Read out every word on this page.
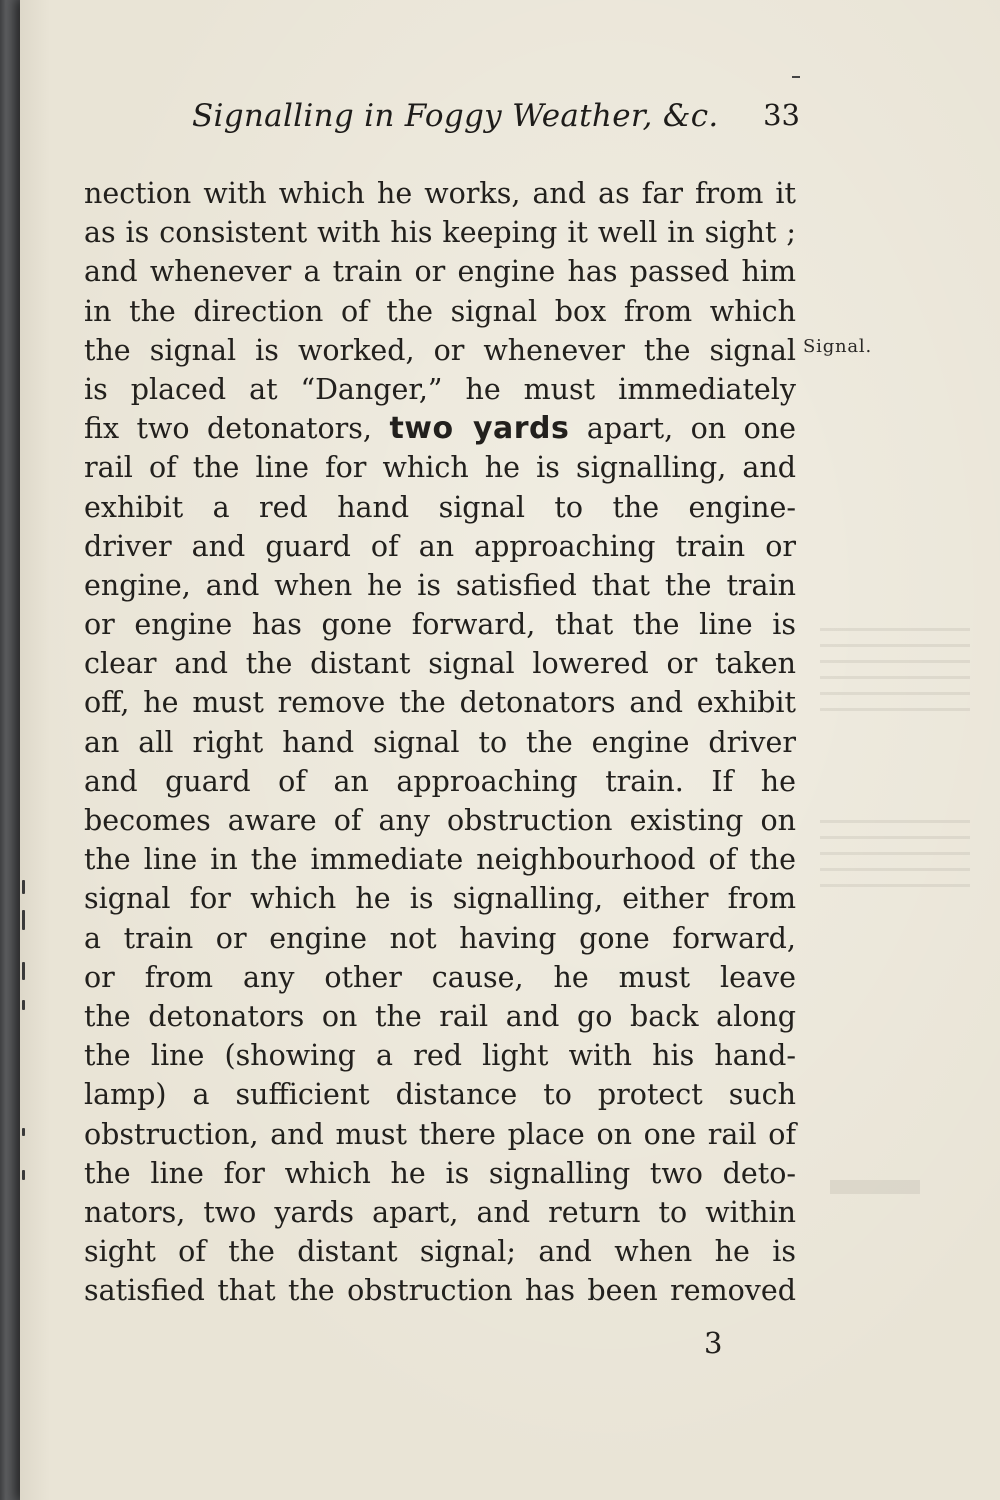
Signalling in Foggy Weather, &c. 33
Signal.
nection with which he works, and as far from it
as is consistent with his keeping it well in sight ;
and whenever a train or engine has passed him
in the direction of the signal box from which
the signal is worked, or whenever the signal
is placed at “Danger,” he must immediately
fix two detonators, two yards apart, on one
rail of the line for which he is signalling, and
exhibit a red hand signal to the engine-
driver and guard of an approaching train or
engine, and when he is satisfied that the train
or engine has gone forward, that the line is
clear and the distant signal lowered or taken
off, he must remove the detonators and exhibit
an all right hand signal to the engine driver
and guard of an approaching train. If he
becomes aware of any obstruction existing on
the line in the immediate neighbourhood of the
signal for which he is signalling, either from
a train or engine not having gone forward,
or from any other cause, he must leave
the detonators on the rail and go back along
the line (showing a red light with his hand-
lamp) a sufficient distance to protect such
obstruction, and must there place on one rail of
the line for which he is signalling two deto-
nators, two yards apart, and return to within
sight of the distant signal; and when he is
satisfied that the obstruction has been removed
3
